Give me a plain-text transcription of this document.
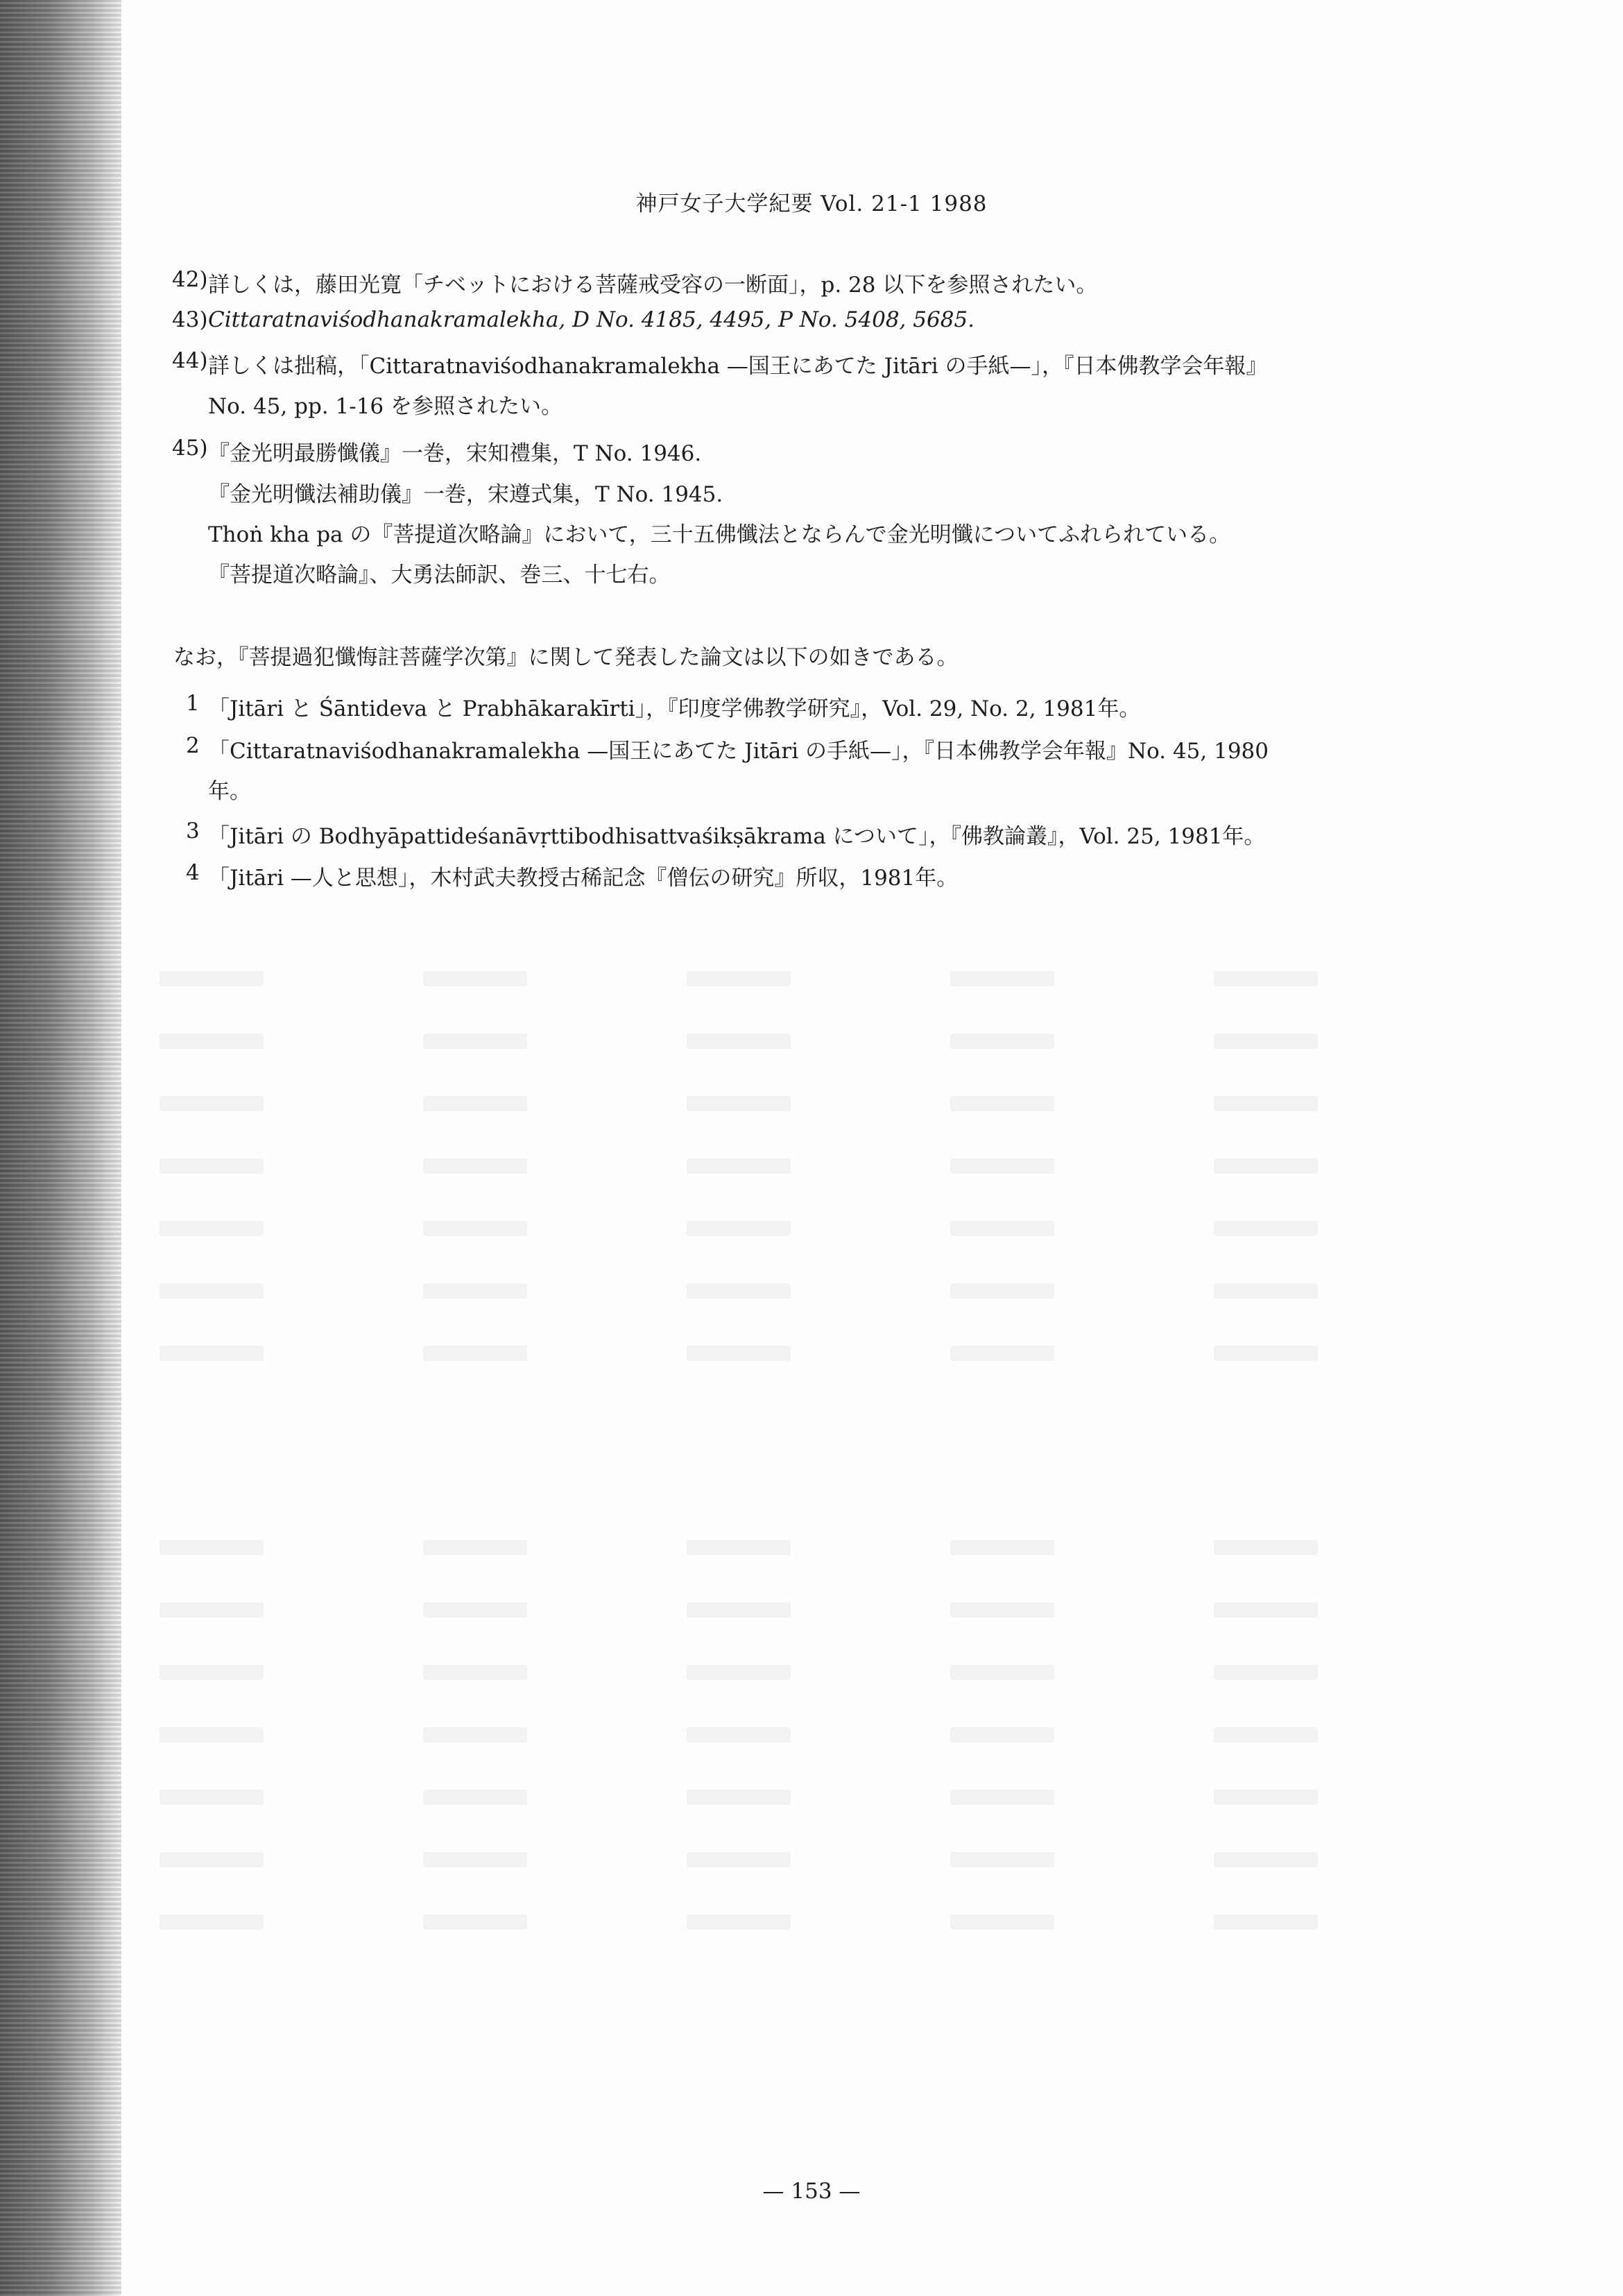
神戸女子大学紀要 Vol. 21-1 1988
42) 詳しくは，藤田光寛「チベットにおける菩薩戒受容の一断面」，p. 28 以下を参照されたい。
43) Cittaratnaviśodhanakramalekha, D No. 4185, 4495, P No. 5408, 5685.
44) 詳しくは拙稿，「Cittaratnaviśodhanakramalekha —国王にあてた Jitāri の手紙—」，『日本佛教学会年報』
No. 45, pp. 1-16 を参照されたい。
45) 『金光明最勝懺儀』一巻，宋知禮集，T No. 1946.
『金光明懺法補助儀』一巻，宋遵式集，T No. 1945.
Thoṅ kha pa の『菩提道次略論』において，三十五佛懺法とならんで金光明懺についてふれられている。
『菩提道次略論』、大勇法師訳、巻三、十七右。
なお，『菩提過犯懺悔註菩薩学次第』に関して発表した論文は以下の如きである。
1 「Jitāri と Śāntideva と Prabhākarakīrti」，『印度学佛教学研究』，Vol. 29, No. 2, 1981年。
2 「Cittaratnaviśodhanakramalekha —国王にあてた Jitāri の手紙—」，『日本佛教学会年報』No. 45, 1980
年。
3 「Jitāri の Bodhyāpattideśanāvṛttibodhisattvaśikṣākrama について」，『佛教論叢』，Vol. 25, 1981年。
4 「Jitāri —人と思想」，木村武夫教授古稀記念『僧伝の研究』所収，1981年。
— 153 —
